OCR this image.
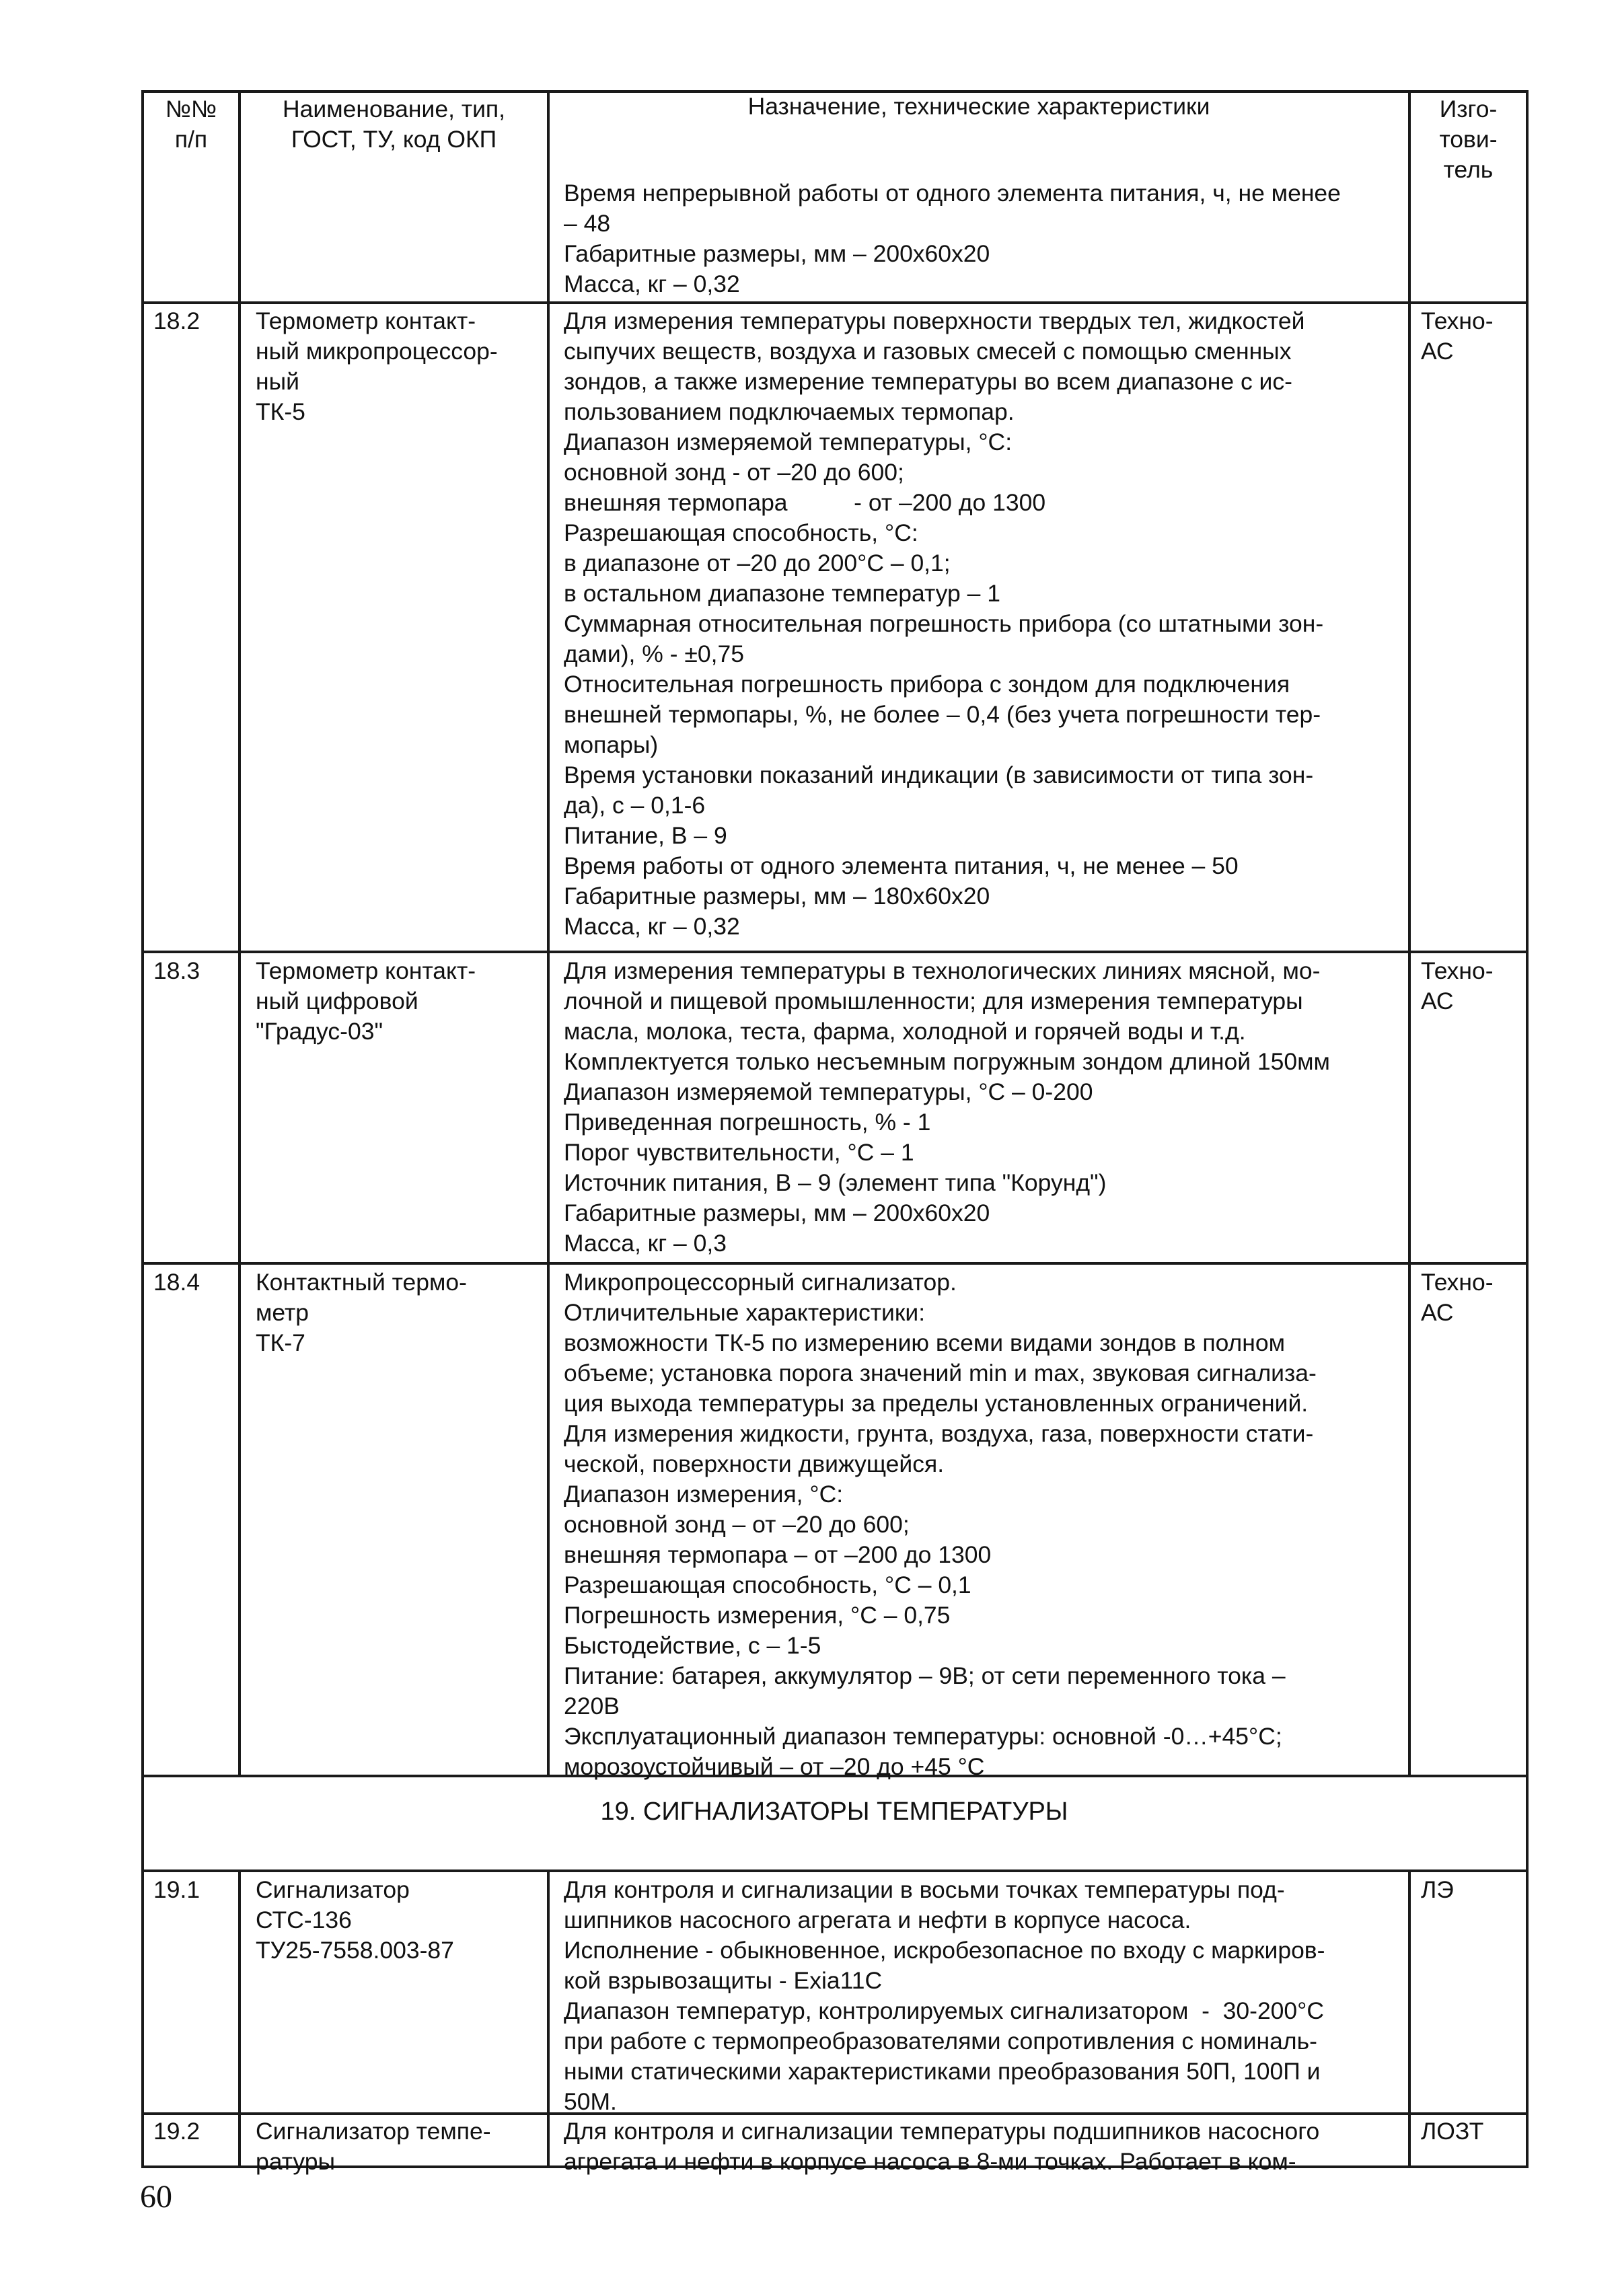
№№
п/п
Наименование, тип,
ГОСТ, ТУ, код ОКП
Назначение, технические характеристики	Изго-
тови-
тель
Время непрерывной работы от одного элемента питания, ч, не менее
– 48
Габаритные размеры, мм – 200x60x20
Масса, кг – 0,32
18.2 Термометр контакт-
ный микропроцессор-
ный
ТК-5
Для измерения температуры поверхности твердых тел, жидкостей
сыпучих веществ, воздуха и газовых смесей с помощью сменных
зондов, а также измерение температуры во всем диапазоне с ис-
пользованием подключаемых термопар.
Диапазон измеряемой температуры, °С:
основной зонд - от –20 до 600;
внешняя термопара          - от –200 до 1300
Разрешающая способность, °С:
в диапазоне от –20 до 200°С – 0,1;
в остальном диапазоне температур – 1
Суммарная относительная погрешность прибора (со штатными зон-
дами), % - ±0,75
Относительная погрешность прибора с зондом для подключения
внешней термопары, %, не более – 0,4 (без учета погрешности тер-
мопары)
Время установки показаний индикации (в зависимости от типа зон-
да), с – 0,1-6
Питание, В – 9
Время работы от одного элемента питания, ч, не менее – 50
Габаритные размеры, мм – 180x60x20
Масса, кг – 0,32
Техно-
АС
18.3 Термометр контакт-
ный цифровой
"Градус-03"
Для измерения температуры в технологических линиях мясной, мо-
лочной и пищевой промышленности; для измерения температуры
масла, молока, теста, фарма, холодной и горячей воды и т.д.
Комплектуется только несъемным погружным зондом длиной 150мм
Диапазон измеряемой температуры, °С – 0-200
Приведенная погрешность, % - 1
Порог чувствительности, °С – 1
Источник питания, В – 9 (элемент типа "Корунд")
Габаритные размеры, мм – 200x60x20
Масса, кг – 0,3
Техно-
АС
18.4 Контактный термо-
метр
ТК-7
Микропроцессорный сигнализатор.
Отличительные характеристики:
возможности ТК-5 по измерению всеми видами зондов в полном
объеме; установка порога значений min и max, звуковая сигнализа-
ция выхода температуры за пределы установленных ограничений.
Для измерения жидкости, грунта, воздуха, газа, поверхности стати-
ческой, поверхности движущейся.
Диапазон измерения, °С:
основной зонд – от –20 до 600;
внешняя термопара – от –200 до 1300
Разрешающая способность, °С – 0,1
Погрешность измерения, °С – 0,75
Быстодействие, с – 1-5
Питание: батарея, аккумулятор – 9В; от сети переменного тока –
220В
Эксплуатационный диапазон температуры: основной -0…+45°С;
морозоустойчивый – от –20 до +45 °С
Техно-
АС
19. СИГНАЛИЗАТОРЫ ТЕМПЕРАТУРЫ
19.1 Сигнализатор
СТС-136
ТУ25-7558.003-87
Для контроля и сигнализации в восьми точках температуры под-
шипников насосного агрегата и нефти в корпусе насоса.
Исполнение - обыкновенное, искробезопасное по входу с маркиров-
кой взрывозащиты - Exia11C
Диапазон температур, контролируемых сигнализатором  -  30-200°С
при работе с термопреобразователями сопротивления с номиналь-
ными статическими характеристиками преобразования 50П, 100П и
50М.
ЛЭ
19.2 Сигнализатор темпе-
ратуры
Для контроля и сигнализации температуры подшипников насосного
агрегата и нефти в корпусе насоса в 8-ми точках. Работает в ком-
ЛОЗТ
60
